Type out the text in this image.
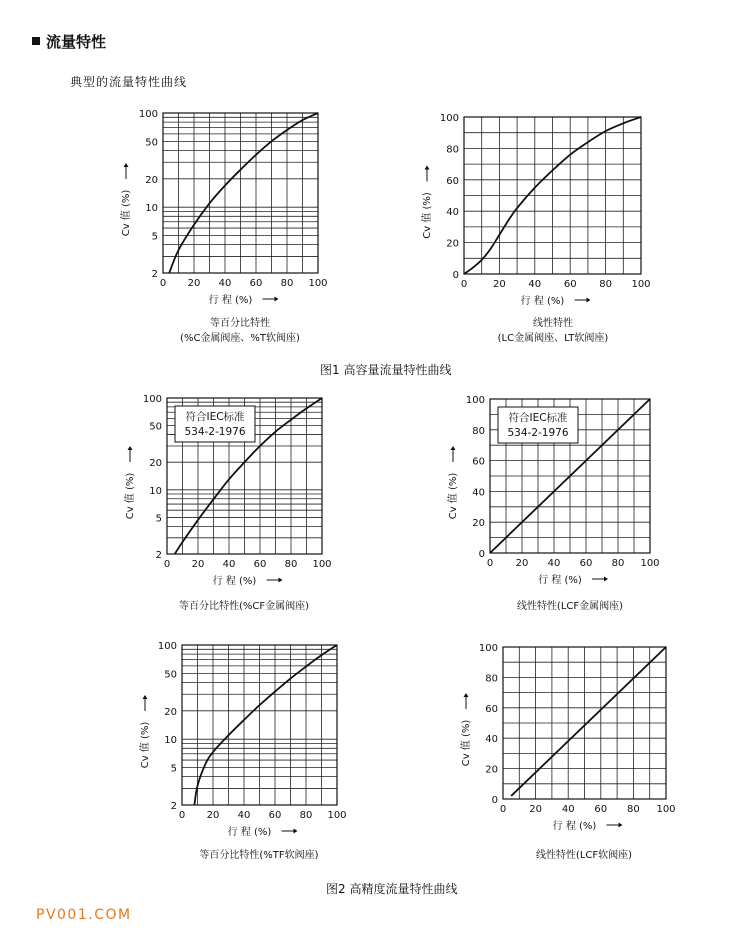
流量特性
典型的流量特性曲线
0 20 40 60 80 100
2
5
10
20
50
100
行 程 (%)
Cv 值 (%)
等百分比特性
(%C金属阀座、%T软阀座)
0	20 40 60 80 100
0
20
40
60
80
100
行 程 (%)
Cv 值 (%)
线性特性
(LC金属阀座、LT软阀座)
0 20 40 60 80 100
2
5
10
20
50
100
行 程 (%)
Cv 值 (%)
符合IEC标准
534-2-1976
等百分比特性(%CF金属阀座)
0 20 40 60 80 100
0
20
40
60
80
100
行 程 (%)
Cv 值 (%)
符合IEC标准
534-2-1976
线性特性(LCF金属阀座)
0 20 40 60 80 100
2
5
10
20
50
100
行 程 (%)
Cv 值 (%)
等百分比特性(%TF软阀座)
0 20 40 60 80 100
0
20
40
60
80
100
行 程 (%)
Cv 值 (%)
线性特性(LCF软阀座)
图1 高容量流量特性曲线
图2 高精度流量特性曲线
PV001.COM
